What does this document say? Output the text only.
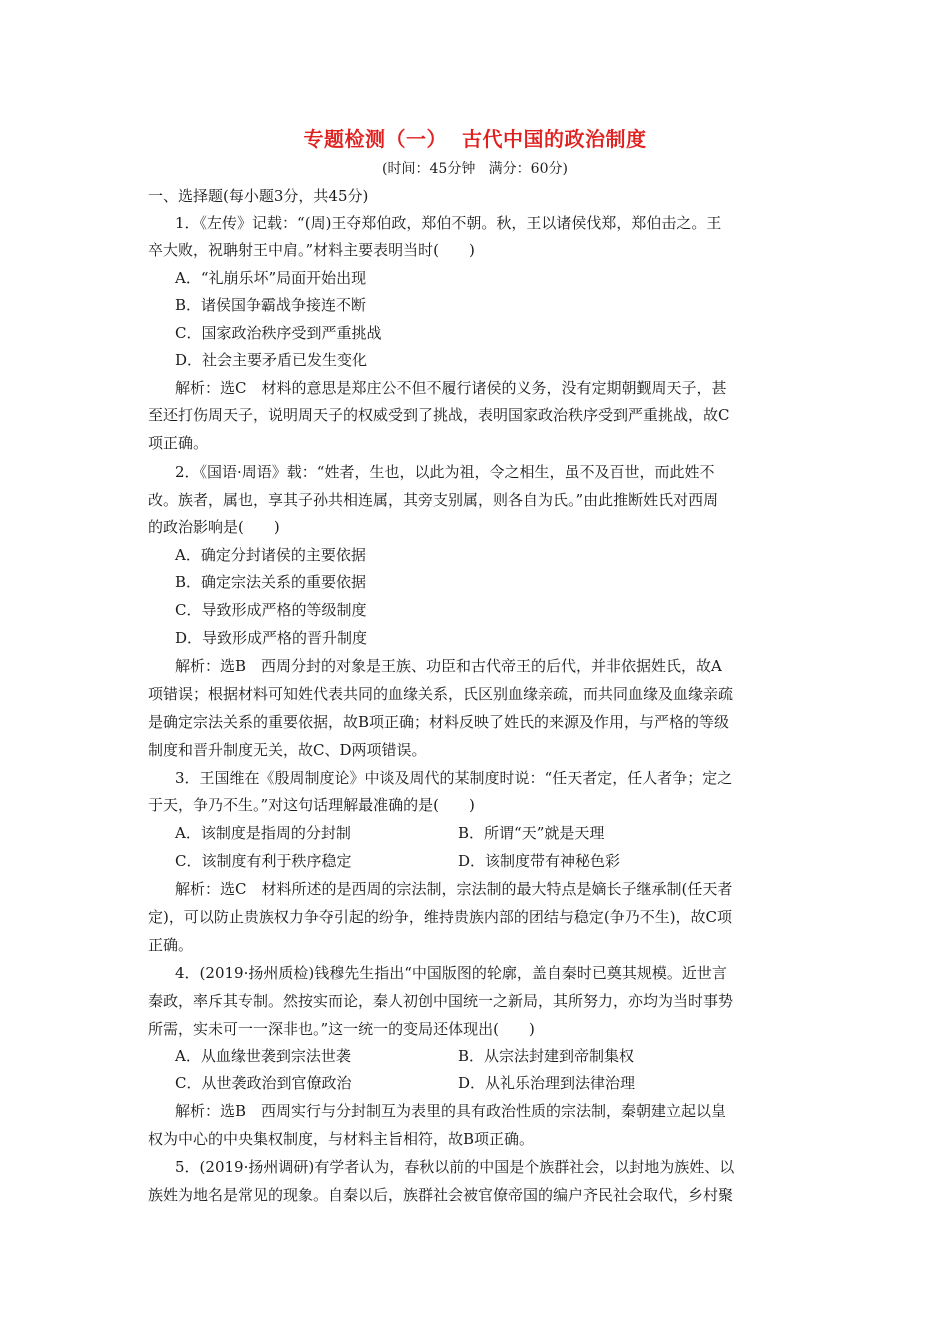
专题检测（一）  古代中国的政治制度
(时间：45分钟   满分：60分)
一、选择题(每小题3分，共45分)
1．《左传》记载：“(周)王夺郑伯政，郑伯不朝。秋，王以诸侯伐郑，郑伯击之。王
卒大败，祝聃射王中肩。”材料主要表明当时(　　)
A．“礼崩乐坏”局面开始出现
B．诸侯国争霸战争接连不断
C．国家政治秩序受到严重挑战
D．社会主要矛盾已发生变化
解析：选C　材料的意思是郑庄公不但不履行诸侯的义务，没有定期朝觐周天子，甚
至还打伤周天子，说明周天子的权威受到了挑战，表明国家政治秩序受到严重挑战，故C
项正确。
2．《国语·周语》载：“姓者，生也，以此为祖，令之相生，虽不及百世，而此姓不
改。族者，属也，享其子孙共相连属，其旁支别属，则各自为氏。”由此推断姓氏对西周
的政治影响是(　　)
A．确定分封诸侯的主要依据
B．确定宗法关系的重要依据
C．导致形成严格的等级制度
D．导致形成严格的晋升制度
解析：选B　西周分封的对象是王族、功臣和古代帝王的后代，并非依据姓氏，故A
项错误；根据材料可知姓代表共同的血缘关系，氏区别血缘亲疏，而共同血缘及血缘亲疏
是确定宗法关系的重要依据，故B项正确；材料反映了姓氏的来源及作用，与严格的等级
制度和晋升制度无关，故C、D两项错误。
3．王国维在《殷周制度论》中谈及周代的某制度时说：“任天者定，任人者争；定之
于天，争乃不生。”对这句话理解最准确的是(　　)
A．该制度是指周的分封制	B．所谓“天”就是天理
C．该制度有利于秩序稳定	D．该制度带有神秘色彩
解析：选C　材料所述的是西周的宗法制，宗法制的最大特点是嫡长子继承制(任天者
定)，可以防止贵族权力争夺引起的纷争，维持贵族内部的团结与稳定(争乃不生)，故C项
正确。
4．(2019·扬州质检)钱穆先生指出“中国版图的轮廓，盖自秦时已奠其规模。近世言
秦政，率斥其专制。然按实而论，秦人初创中国统一之新局，其所努力，亦均为当时事势
所需，实未可一一深非也。”这一统一的变局还体现出(　　)
A．从血缘世袭到宗法世袭	B．从宗法封建到帝制集权
C．从世袭政治到官僚政治	D．从礼乐治理到法律治理
解析：选B　西周实行与分封制互为表里的具有政治性质的宗法制，秦朝建立起以皇
权为中心的中央集权制度，与材料主旨相符，故B项正确。
5．(2019·扬州调研)有学者认为，春秋以前的中国是个族群社会，以封地为族姓、以
族姓为地名是常见的现象。自秦以后，族群社会被官僚帝国的编户齐民社会取代，乡村聚
